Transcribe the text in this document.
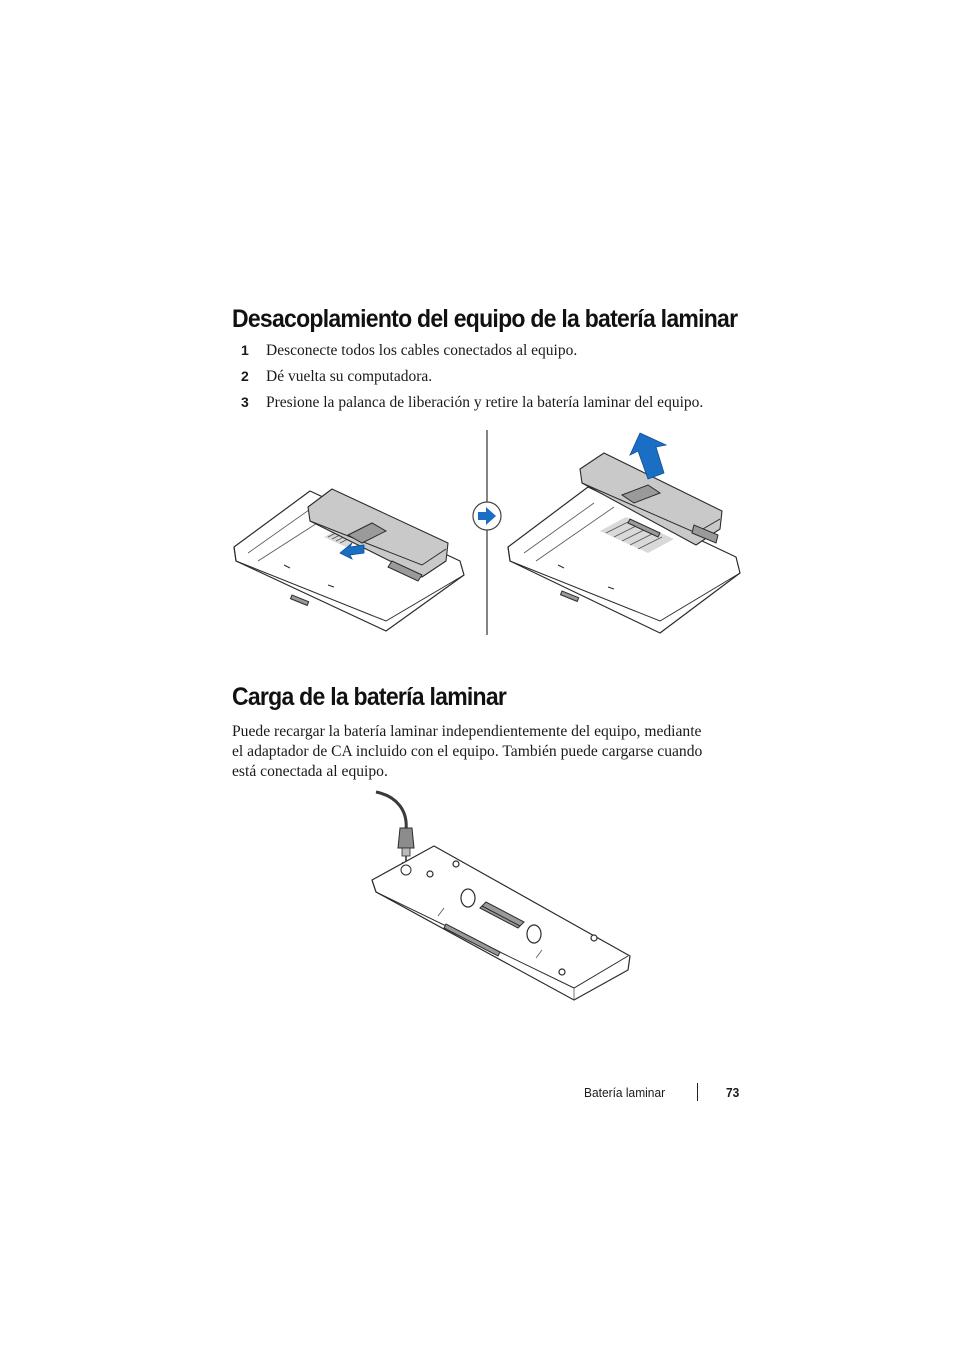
Desacoplamiento del equipo de la batería laminar
1 Desconecte todos los cables conectados al equipo.
2 Dé vuelta su computadora.
3 Presione la palanca de liberación y retire la batería laminar del equipo.
Carga de la batería laminar

Puede recargar la batería laminar independientemente del equipo, mediante
el adaptador de CA incluido con el equipo. También puede cargarse cuando
está conectada al equipo.

Batería laminar	73
